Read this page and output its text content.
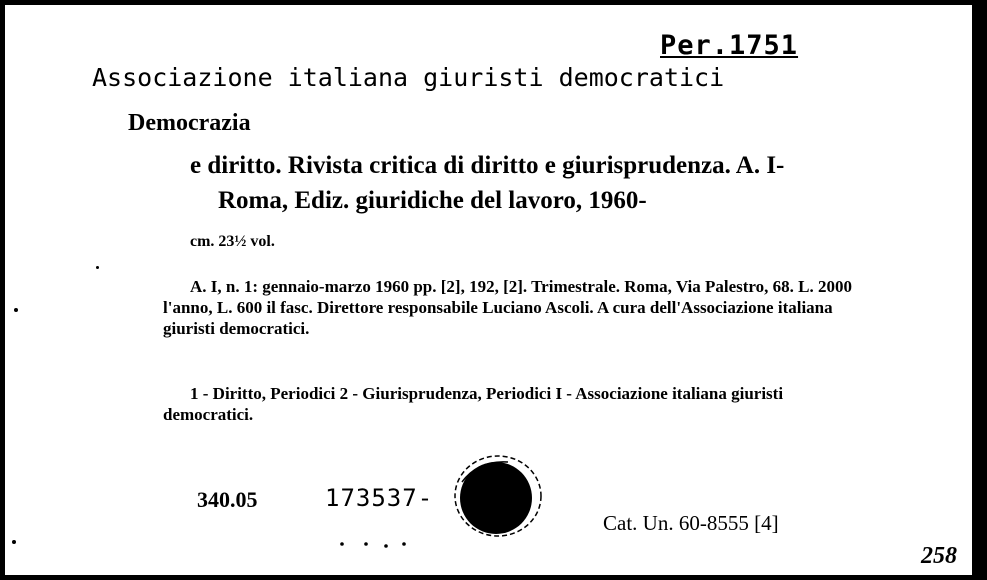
Per.1751
Associazione italiana giuristi democratici
Democrazia
e diritto. Rivista critica di diritto e giurisprudenza. A. I-
Roma, Ediz. giuridiche del lavoro, 1960-
cm. 23½ vol.
A. I, n. 1: gennaio-marzo 1960 pp. [2], 192, [2]. Trimestrale. Roma, Via Palestro, 68. L. 2000 l'anno, L. 600 il fasc. Direttore responsabile Luciano Ascoli. A cura dell'Associazione italiana giuristi democratici.
1 - Diritto, Periodici 2 - Giurisprudenza, Periodici I - Associazione italiana giuristi democratici.
340.05	173537-
Cat. Un. 60-8555 [4]
258
